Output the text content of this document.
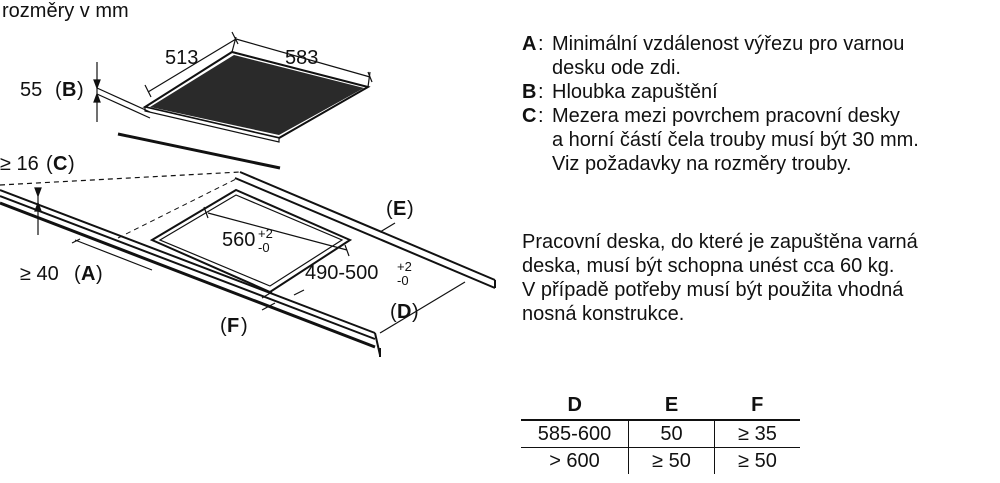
rozměry v mm
513	583
55 ( B )
≥ 16 ( C )
≥ 40 ( A )
560 +2
-0
490-500 +2
-0
( E )
( D )
( F )
A : Minimální vzdálenost výřezu pro varnou
desku ode zdi.
B : Hloubka zapuštění
C : Mezera mezi povrchem pracovní desky
a horní částí čela trouby musí být 30 mm.
Viz požadavky na rozměry trouby.
Pracovní deska, do které je zapuštěna varná
deska, musí být schopna unést cca 60 kg.
V případě potřeby musí být použita vhodná
nosná konstrukce.
D	E	F
585-600	50	≥ 35
> 600	≥ 50	≥ 50
